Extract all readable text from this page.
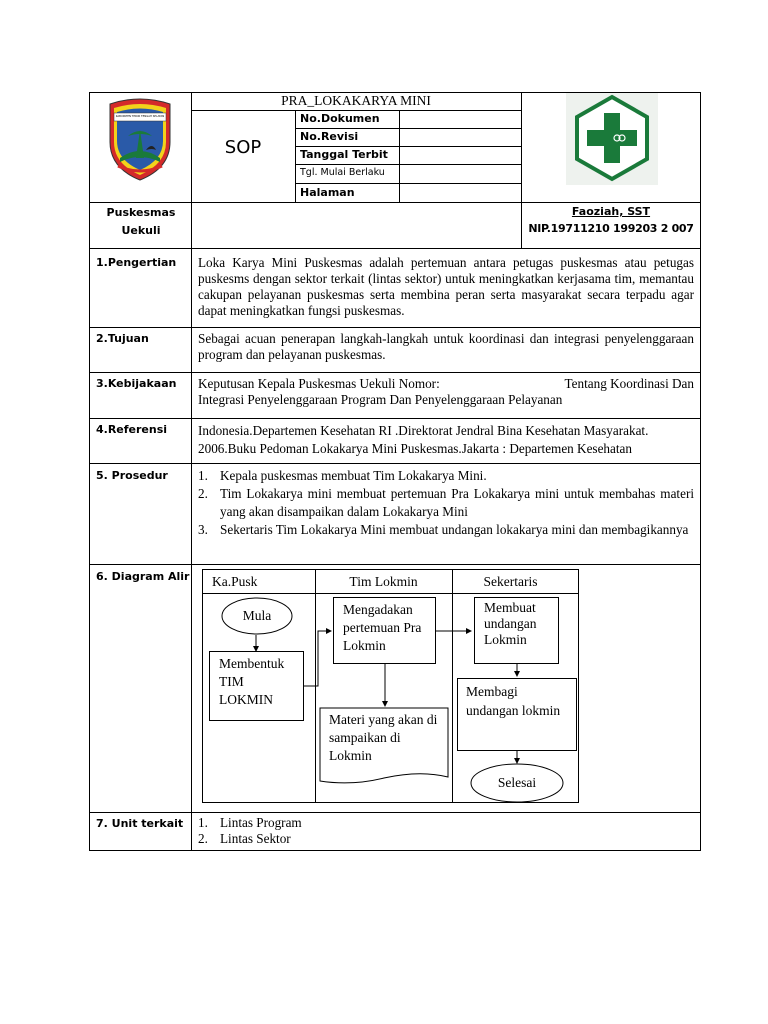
KABUPATEN TIMOR TENGAH SELATAN
PRA_LOKAKARYA MINI
SOP
No.Dokumen
No.Revisi
Tanggal Terbit
Tgl. Mulai Berlaku
Halaman
Puskesmas Uekuli
Faoziah, SST
NIP.19711210 199203 2 007
1.Pengertian Loka Karya Mini Puskesmas adalah pertemuan antara petugas puskesmas atau petugas puskesms dengan sektor terkait (lintas sektor) untuk meningkatkan kerjasama tim, memantau cakupan pelayanan puskesmas serta membina peran serta masyarakat secara terpadu agar dapat meningkatkan fungsi puskesmas.
2.Tujuan	Sebagai acuan penerapan langkah-langkah untuk koordinasi dan integrasi penyelenggaraan program dan pelayanan puskesmas.
3.Kebijakaan Keputusan Kepala Puskesmas Uekuli Nomor:	Tentang Koordinasi Dan
Integrasi Penyelenggaraan Program Dan Penyelenggaraan Pelayanan
4.Referensi Indonesia.Departemen Kesehatan RI .Direktorat Jendral Bina Kesehatan Masyarakat.
2006.Buku Pedoman Lokakarya Mini Puskesmas.Jakarta : Departemen Kesehatan
5. Prosedur 1. Kepala puskesmas membuat Tim Lokakarya Mini.
2. Tim Lokakarya mini membuat pertemuan Pra Lokakarya mini untuk membahas materi yang akan disampaikan dalam Lokakarya Mini
3. Sekertaris Tim Lokakarya Mini membuat undangan lokakarya mini dan membagikannya
6. Diagram Alir Ka.Pusk	Tim Lokmin	Sekertaris
Mula
Membentuk TIM LOKMIN
Mengadakan pertemuan Pra Lokmin
Materi yang akan di sampaikan di Lokmin
Membuat undangan Lokmin
Membagi undangan lokmin
Selesai
7. Unit terkait 1. Lintas Program
2. Lintas Sektor
